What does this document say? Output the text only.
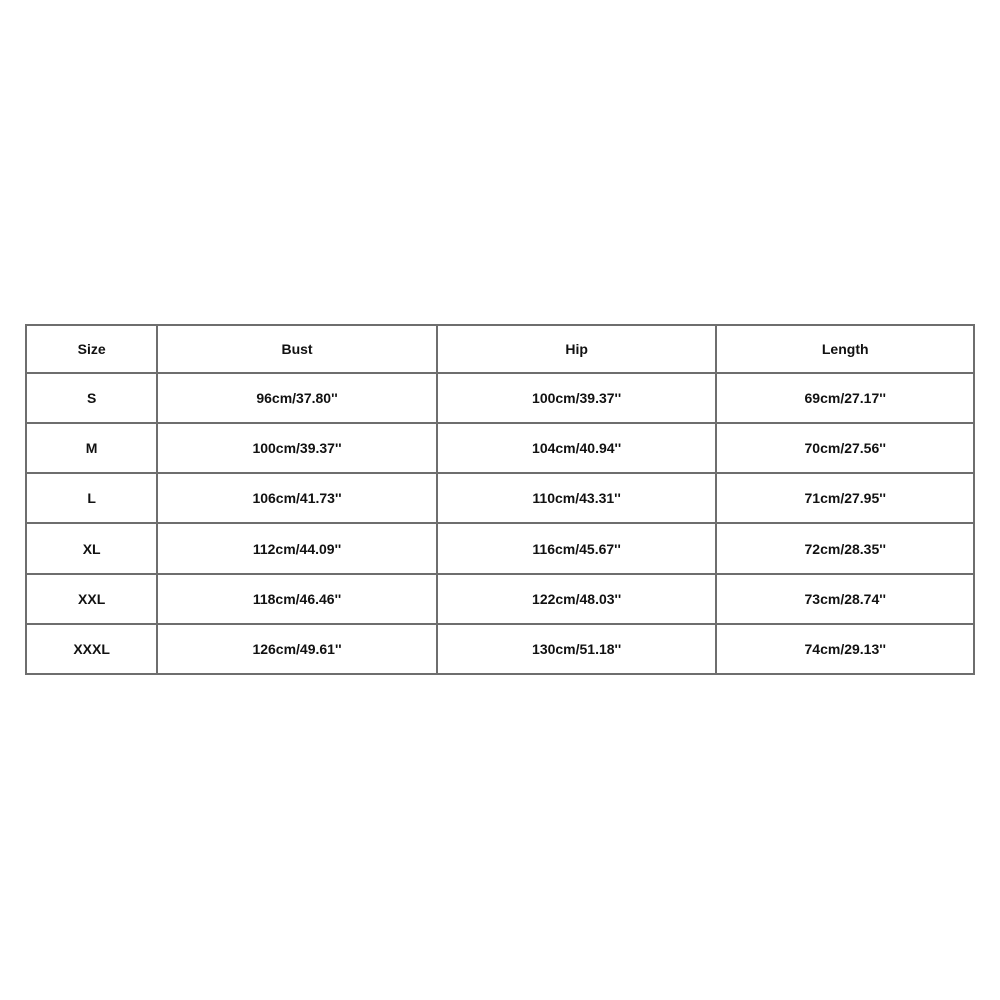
Size	Bust	Hip	Length
S	96cm/37.80''	100cm/39.37''	69cm/27.17''
M	100cm/39.37''	104cm/40.94''	70cm/27.56''
L	106cm/41.73''	110cm/43.31''	71cm/27.95''
XL	112cm/44.09''	116cm/45.67''	72cm/28.35''
XXL	118cm/46.46''	122cm/48.03''	73cm/28.74''
XXXL	126cm/49.61''	130cm/51.18''	74cm/29.13''
